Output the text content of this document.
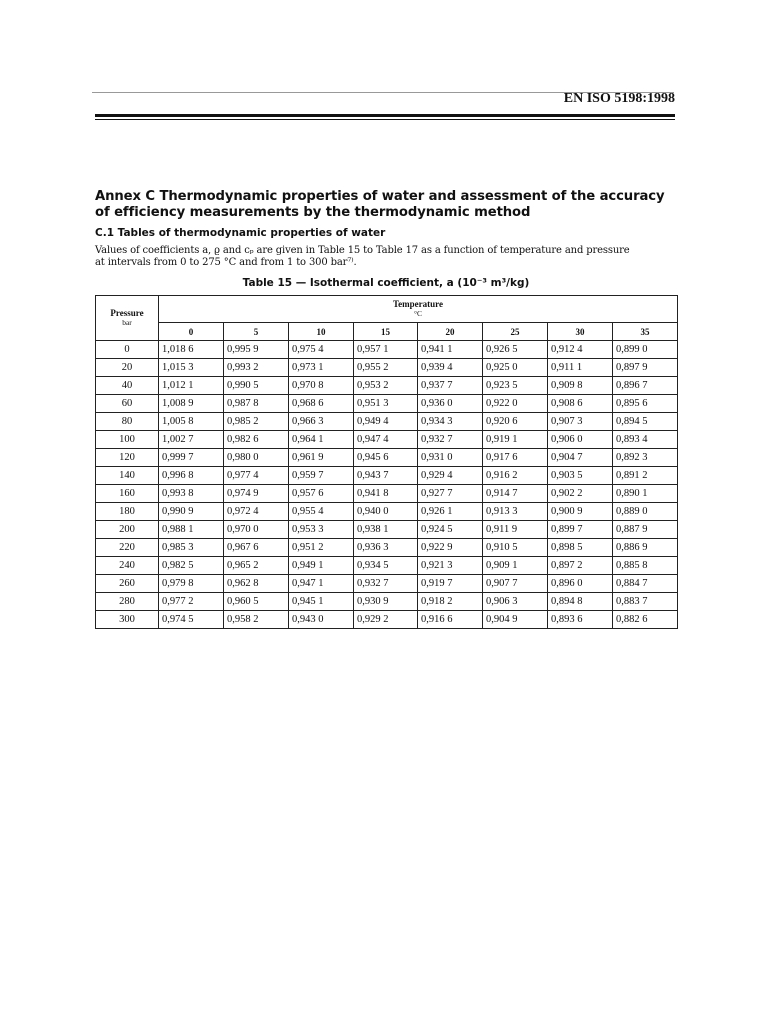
EN ISO 5198:1998
Annex C Thermodynamic properties of water and assessment of the accuracy of efficiency measurements by the thermodynamic method
C.1 Tables of thermodynamic properties of water
Values of coefficients a, ϱ and cₚ are given in Table 15 to Table 17 as a function of temperature and pressure
at intervals from 0 to 275 °C and from 1 to 300 bar⁷⁾.
Table 15 — Isothermal coefficient, a (10⁻³ m³/kg)
Pressure
bar	Temperature
°C							

	0	5	10	15	20	25	30	35
0	1,018 6	0,995 9	0,975 4	0,957 1	0,941 1	0,926 5	0,912 4	0,899 0
20	1,015 3	0,993 2	0,973 1	0,955 2	0,939 4	0,925 0	0,911 1	0,897 9
40	1,012 1	0,990 5	0,970 8	0,953 2	0,937 7	0,923 5	0,909 8	0,896 7
60	1,008 9	0,987 8	0,968 6	0,951 3	0,936 0	0,922 0	0,908 6	0,895 6
80	1,005 8	0,985 2	0,966 3	0,949 4	0,934 3	0,920 6	0,907 3	0,894 5
100	1,002 7	0,982 6	0,964 1	0,947 4	0,932 7	0,919 1	0,906 0	0,893 4
120	0,999 7	0,980 0	0,961 9	0,945 6	0,931 0	0,917 6	0,904 7	0,892 3
140	0,996 8	0,977 4	0,959 7	0,943 7	0,929 4	0,916 2	0,903 5	0,891 2
160	0,993 8	0,974 9	0,957 6	0,941 8	0,927 7	0,914 7	0,902 2	0,890 1
180	0,990 9	0,972 4	0,955 4	0,940 0	0,926 1	0,913 3	0,900 9	0,889 0
200	0,988 1	0,970 0	0,953 3	0,938 1	0,924 5	0,911 9	0,899 7	0,887 9
220	0,985 3	0,967 6	0,951 2	0,936 3	0,922 9	0,910 5	0,898 5	0,886 9
240	0,982 5	0,965 2	0,949 1	0,934 5	0,921 3	0,909 1	0,897 2	0,885 8
260	0,979 8	0,962 8	0,947 1	0,932 7	0,919 7	0,907 7	0,896 0	0,884 7
280	0,977 2	0,960 5	0,945 1	0,930 9	0,918 2	0,906 3	0,894 8	0,883 7
300	0,974 5	0,958 2	0,943 0	0,929 2	0,916 6	0,904 9	0,893 6	0,882 6
